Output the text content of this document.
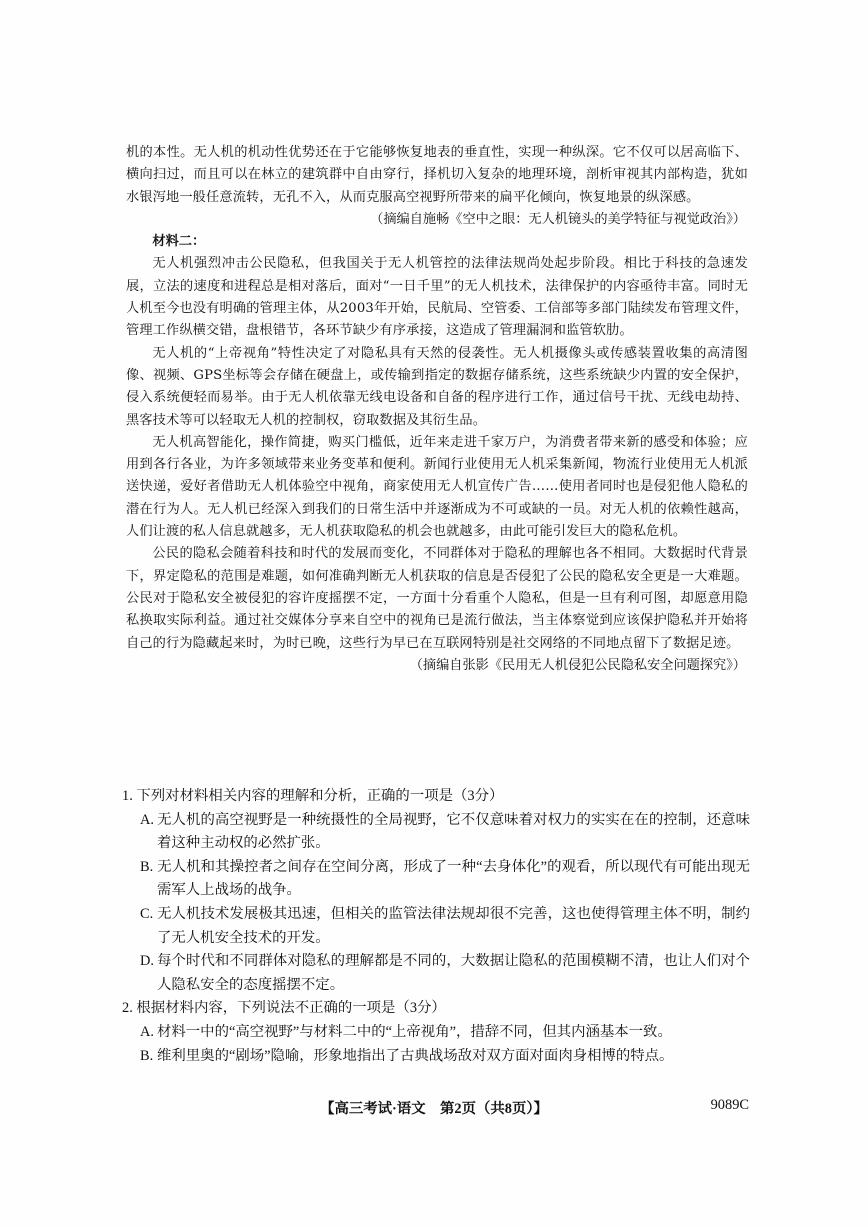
机的本性。无人机的机动性优势还在于它能够恢复地表的垂直性，实现一种纵深。它不仅可以居高临下、横向扫过，而且可以在林立的建筑群中自由穿行，择机切入复杂的地理环境，剖析审视其内部构造，犹如水银泻地一般任意流转，无孔不入，从而克服高空视野所带来的扁平化倾向，恢复地景的纵深感。

（摘编自施畅《空中之眼：无人机镜头的美学特征与视觉政治》）

材料二：

无人机强烈冲击公民隐私，但我国关于无人机管控的法律法规尚处起步阶段。相比于科技的急速发展，立法的速度和进程总是相对落后，面对“一日千里”的无人机技术，法律保护的内容亟待丰富。同时无人机至今也没有明确的管理主体，从2003年开始，民航局、空管委、工信部等多部门陆续发布管理文件，管理工作纵横交错，盘根错节，各环节缺少有序承接，这造成了管理漏洞和监管软肋。

无人机的“上帝视角”特性决定了对隐私具有天然的侵袭性。无人机摄像头或传感装置收集的高清图像、视频、GPS坐标等会存储在硬盘上，或传输到指定的数据存储系统，这些系统缺少内置的安全保护，侵入系统便轻而易举。由于无人机依靠无线电设备和自备的程序进行工作，通过信号干扰、无线电劫持、黑客技术等可以轻取无人机的控制权，窃取数据及其衍生品。

无人机高智能化，操作简捷，购买门槛低，近年来走进千家万户，为消费者带来新的感受和体验；应用到各行各业，为许多领域带来业务变革和便利。新闻行业使用无人机采集新闻，物流行业使用无人机派送快递，爱好者借助无人机体验空中视角，商家使用无人机宣传广告……使用者同时也是侵犯他人隐私的潜在行为人。无人机已经深入到我们的日常生活中并逐渐成为不可或缺的一员。对无人机的依赖性越高，人们让渡的私人信息就越多，无人机获取隐私的机会也就越多，由此可能引发巨大的隐私危机。

公民的隐私会随着科技和时代的发展而变化，不同群体对于隐私的理解也各不相同。大数据时代背景下，界定隐私的范围是难题，如何准确判断无人机获取的信息是否侵犯了公民的隐私安全更是一大难题。公民对于隐私安全被侵犯的容许度摇摆不定，一方面十分看重个人隐私，但是一旦有利可图，却愿意用隐私换取实际利益。通过社交媒体分享来自空中的视角已是流行做法，当主体察觉到应该保护隐私并开始将自己的行为隐藏起来时，为时已晚，这些行为早已在互联网特别是社交网络的不同地点留下了数据足迹。

（摘编自张影《民用无人机侵犯公民隐私安全问题探究》）

1. 下列对材料相关内容的理解和分析，正确的一项是（3分）

A. 无人机的高空视野是一种统摄性的全局视野，它不仅意味着对权力的实实在在的控制，还意味着这种主动权的必然扩张。

B. 无人机和其操控者之间存在空间分离，形成了一种“去身体化”的观看，所以现代有可能出现无需军人上战场的战争。

C. 无人机技术发展极其迅速，但相关的监管法律法规却很不完善，这也使得管理主体不明，制约了无人机安全技术的开发。

D. 每个时代和不同群体对隐私的理解都是不同的，大数据让隐私的范围模糊不清，也让人们对个人隐私安全的态度摇摆不定。

2. 根据材料内容，下列说法不正确的一项是（3分）

A. 材料一中的“高空视野”与材料二中的“上帝视角”，措辞不同，但其内涵基本一致。

B. 维利里奥的“剧场”隐喻，形象地指出了古典战场敌对双方面对面肉身相博的特点。

【高三考试·语文　第2页（共8页）】	9089C
